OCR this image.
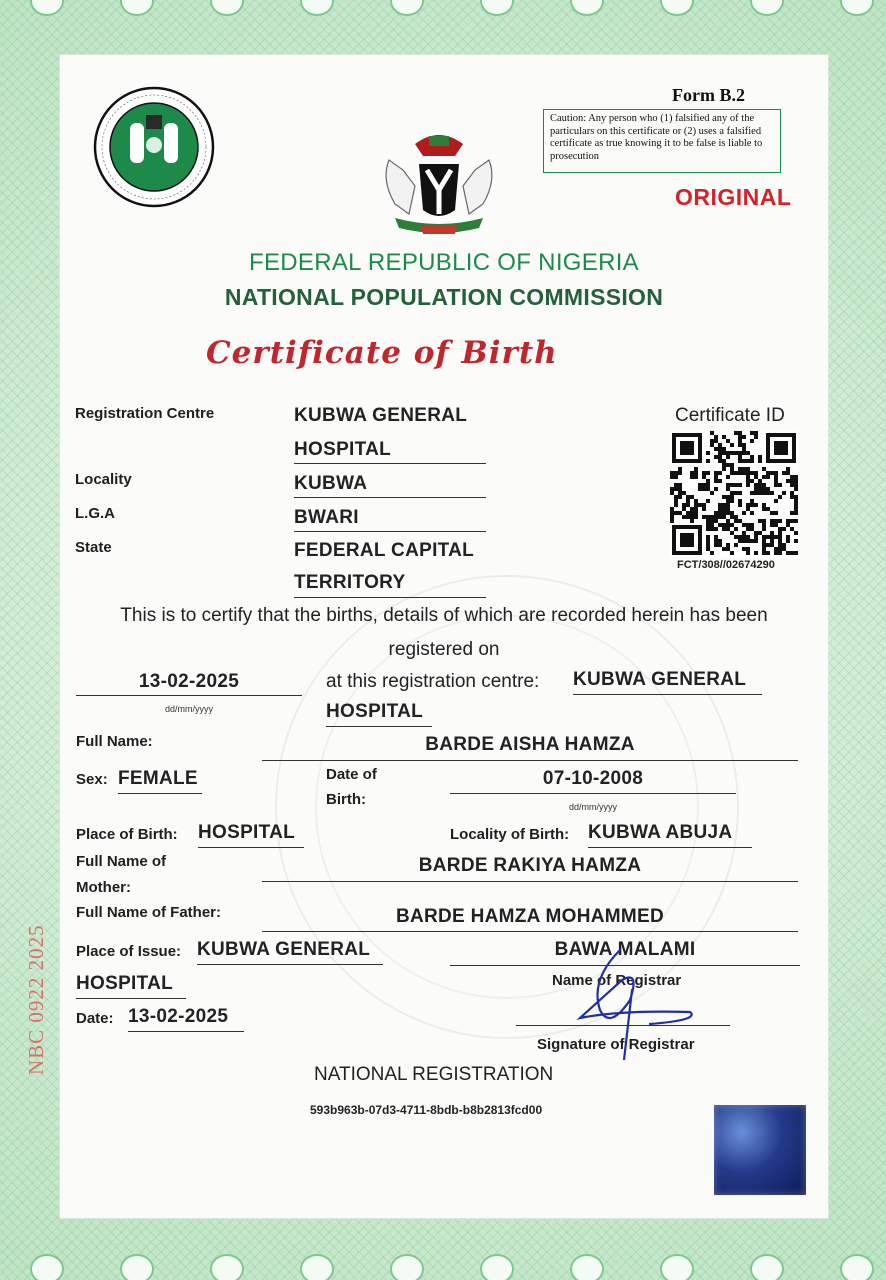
Form B.2
Caution: Any person who (1) falsified any of the particulars on this certificate or (2) uses a falsified certificate as true knowing it to be false is liable to prosecution
ORIGINAL
FEDERAL REPUBLIC OF NIGERIA
NATIONAL POPULATION COMMISSION
Certificate of Birth
Registration Centre	KUBWA GENERAL
HOSPITAL
Locality	KUBWA
L.G.A	BWARI
State	FEDERAL CAPITAL
TERRITORY
Certificate ID
FCT/308//02674290
This is to certify that the births, details of which are recorded herein has been
registered on
13-02-2025
dd/mm/yyyy
at this registration centre: KUBWA GENERAL
HOSPITAL
Full Name:	BARDE AISHA HAMZA
Sex: FEMALE	Date of
Birth:
07-10-2008
dd/mm/yyyy
Place of Birth: HOSPITAL	Locality of Birth: KUBWA ABUJA
Full Name of
Mother:
BARDE RAKIYA HAMZA
Full Name of Father:	BARDE HAMZA MOHAMMED
Place of Issue: KUBWA GENERAL
HOSPITAL
Date: 13-02-2025
BAWA MALAMI
Name of Registrar
Signature of Registrar
NBC 0922 2025	NATIONAL REGISTRATION
593b963b-07d3-4711-8bdb-b8b2813fcd00
